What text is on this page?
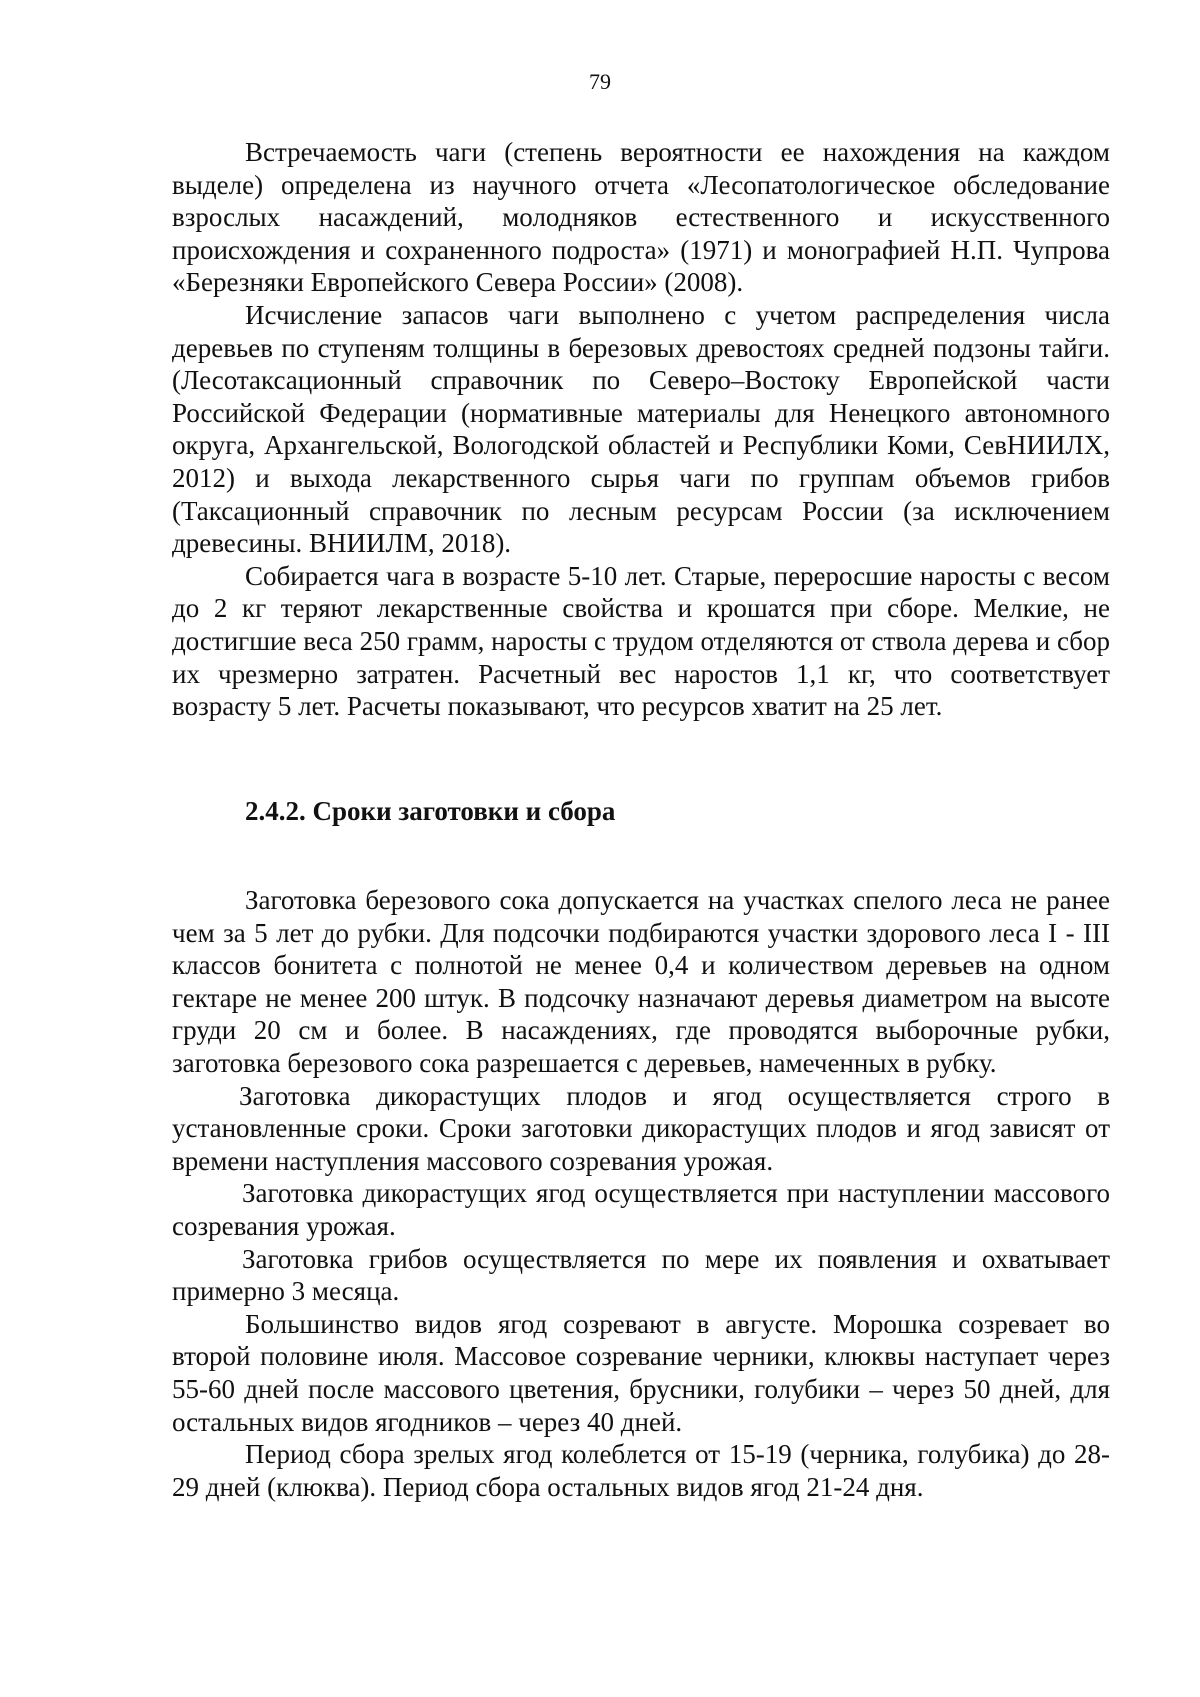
79

Встречаемость чаги (степень вероятности ее нахождения на каждом выделе) определена из научного отчета «Лесопатологическое обследование взрослых насаждений, молодняков естественного и искусственного происхождения и сохраненного подроста» (1971) и монографией Н.П. Чупрова «Березняки Европейского Севера России» (2008).

Исчисление запасов чаги выполнено с учетом распределения числа деревьев по ступеням толщины в березовых древостоях средней подзоны тайги. (Лесотаксационный справочник по Северо–Востоку Европейской части Российской Федерации (нормативные материалы для Ненецкого автономного округа, Архангельской, Вологодской областей и Республики Коми, СевНИИЛХ, 2012) и выхода лекарственного сырья чаги по группам объемов грибов (Таксационный справочник по лесным ресурсам России (за исключением древесины. ВНИИЛМ, 2018).

Собирается чага в возрасте 5-10 лет. Старые, переросшие наросты с весом до 2 кг теряют лекарственные свойства и крошатся при сборе. Мелкие, не достигшие веса 250 грамм, наросты с трудом отделяются от ствола дерева и сбор их чрезмерно затратен. Расчетный вес наростов 1,1 кг, что соответствует возрасту 5 лет. Расчеты показывают, что ресурсов хватит на 25 лет.

2.4.2. Сроки заготовки и сбора

Заготовка березового сока допускается на участках спелого леса не ранее чем за 5 лет до рубки. Для подсочки подбираются участки здорового леса I - III классов бонитета с полнотой не менее 0,4 и количеством деревьев на одном гектаре не менее 200 штук. В подсочку назначают деревья диаметром на высоте груди 20 см и более. В насаждениях, где проводятся выборочные рубки, заготовка березового сока разрешается с деревьев, намеченных в рубку.

Заготовка дикорастущих плодов и ягод осуществляется строго в установленные сроки. Сроки заготовки дикорастущих плодов и ягод зависят от времени наступления массового созревания урожая.

Заготовка дикорастущих ягод осуществляется при наступлении массового созревания урожая.

Заготовка грибов осуществляется по мере их появления и охватывает примерно 3 месяца.

Большинство видов ягод созревают в августе. Морошка созревает во второй половине июля. Массовое созревание черники, клюквы наступает через 55-60 дней после массового цветения, брусники, голубики – через 50 дней, для остальных видов ягодников – через 40 дней.

Период сбора зрелых ягод колеблется от 15-19 (черника, голубика) до 28-29 дней (клюква). Период сбора остальных видов ягод 21-24 дня.
